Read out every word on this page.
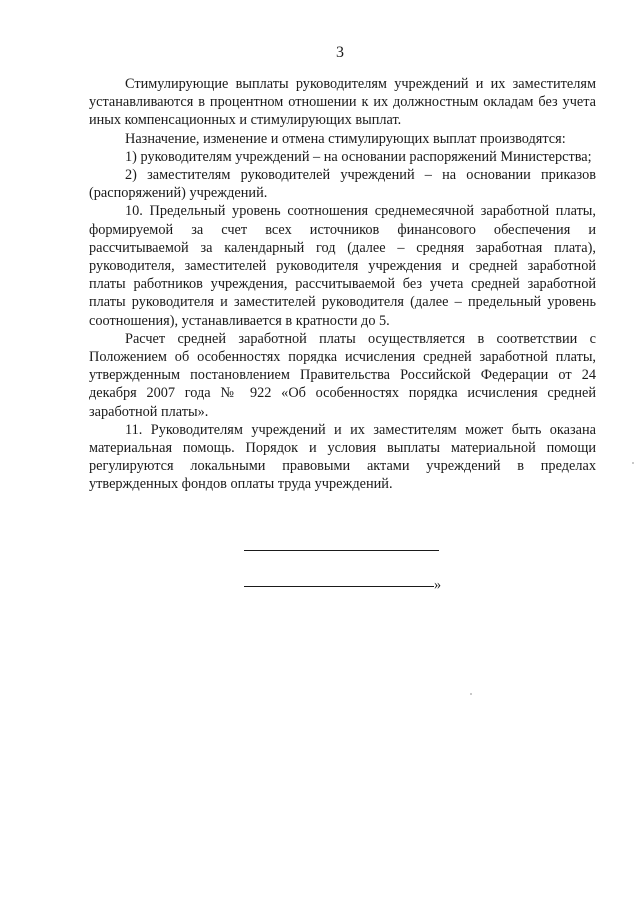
3

Стимулирующие выплаты руководителям учреждений и их заместителям устанавливаются в процентном отношении к их должностным окладам без учета иных компенсационных и стимулирующих выплат.

Назначение, изменение и отмена стимулирующих выплат производятся:

1) руководителям учреждений – на основании распоряжений Министерства;

2) заместителям руководителей учреждений – на основании приказов (распоряжений) учреждений.

10. Предельный уровень соотношения среднемесячной заработной платы, формируемой за счет всех источников финансового обеспечения и рассчитываемой за календарный год (далее – средняя заработная плата), руководителя, заместителей руководителя учреждения и средней заработной платы работников учреждения, рассчитываемой без учета средней заработной платы руководителя и заместителей руководителя (далее – предельный уровень соотношения), устанавливается в кратности до 5.

Расчет средней заработной платы осуществляется в соответствии с Положением об особенностях порядка исчисления средней заработной платы, утвержденным постановлением Правительства Российской Федерации от 24 декабря 2007 года № 922 «Об особенностях порядка исчисления средней заработной платы».

11. Руководителям учреждений и их заместителям может быть оказана материальная помощь. Порядок и условия выплаты материальной помощи регулируются локальными правовыми актами учреждений в пределах утвержденных фондов оплаты труда учреждений.

»
